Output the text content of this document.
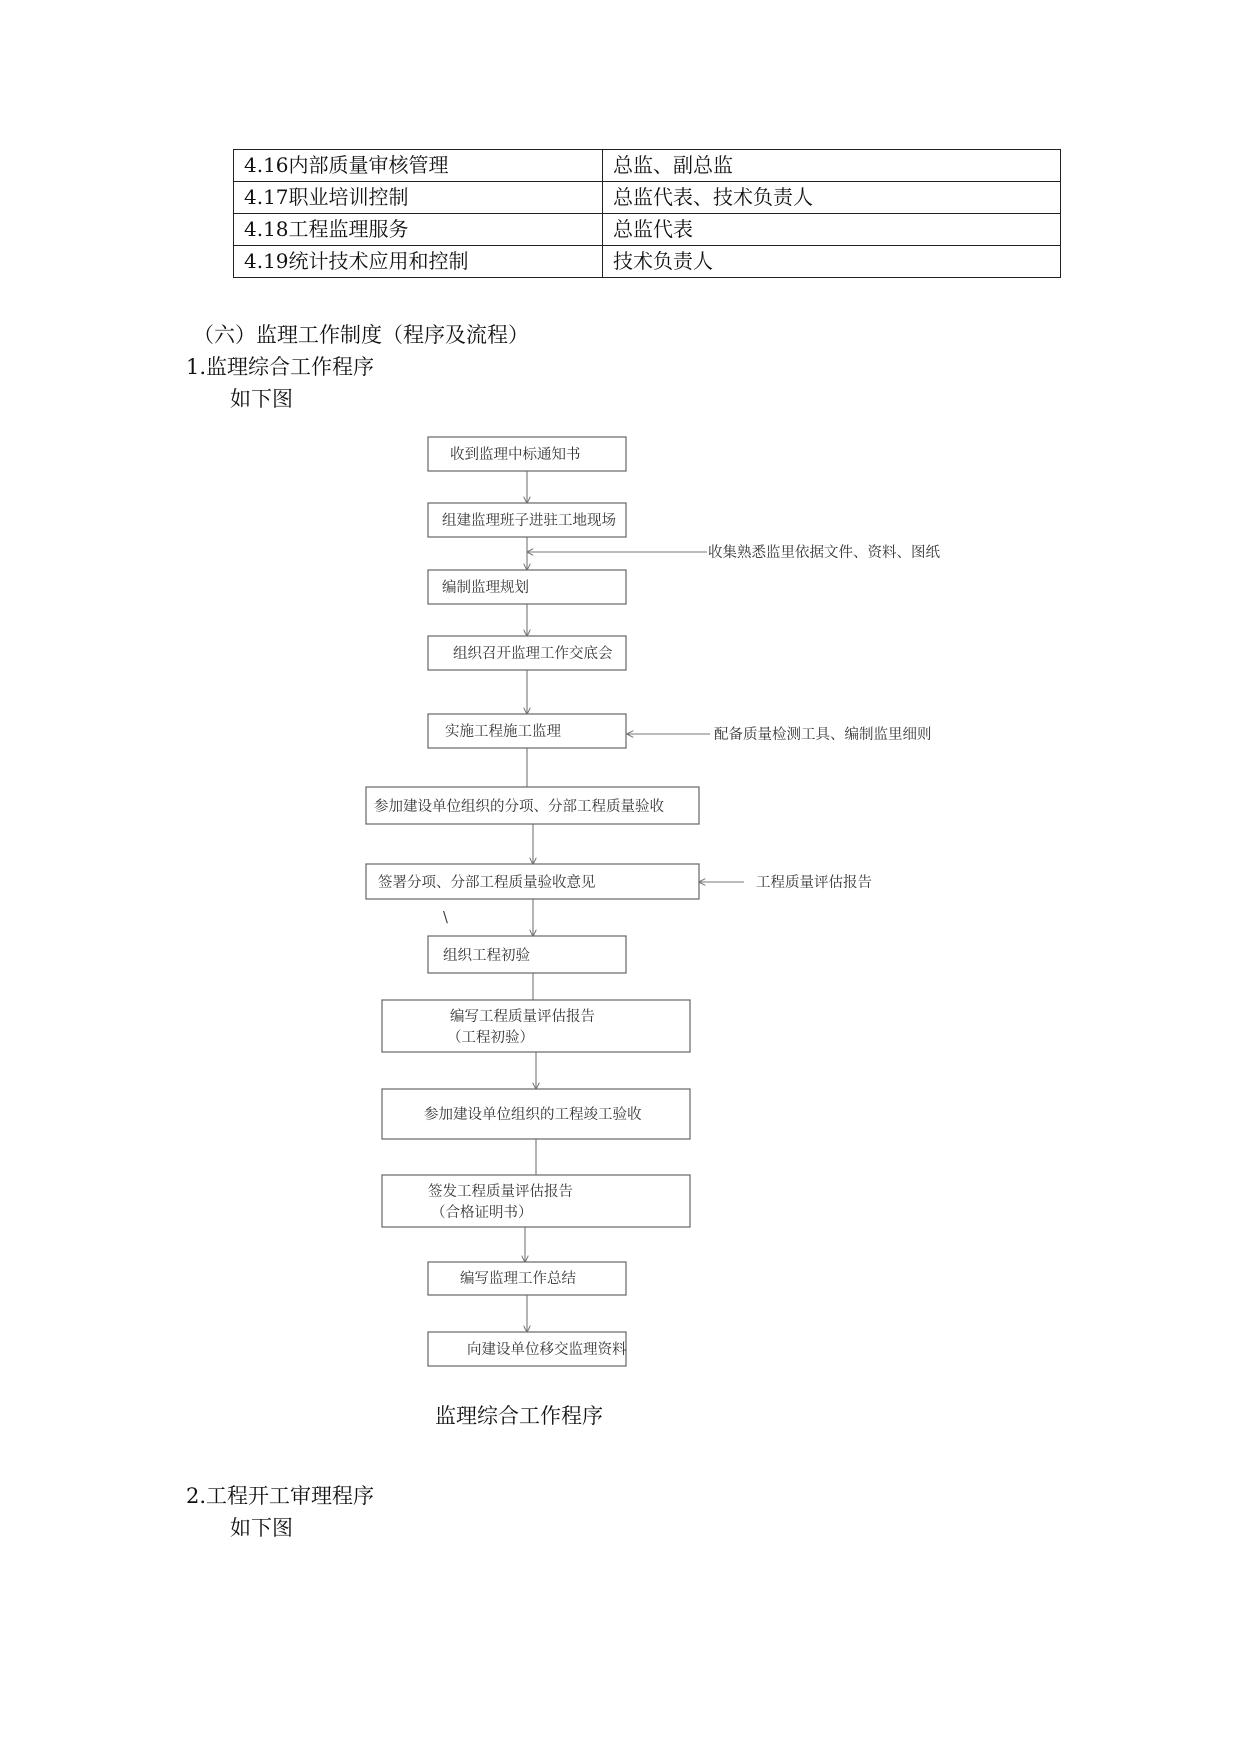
4.16内部质量审核管理	总监、副总监
4.17职业培训控制	总监代表、技术负责人
4.18工程监理服务	总监代表
4.19统计技术应用和控制	技术负责人
（六）监理工作制度（程序及流程）
1.监理综合工作程序
如下图
收到监理中标通知书
组建监理班子进驻工地现场
编制监理规划
组织召开监理工作交底会
实施工程施工监理
参加建设单位组织的分项、分部工程质量验收
签署分项、分部工程质量验收意见
组织工程初验
编写工程质量评估报告
（工程初验）
参加建设单位组织的工程竣工验收
签发工程质量评估报告
（合格证明书）
编写监理工作总结
向建设单位移交监理资料
收集熟悉监里依据文件、资料、图纸
配备质量检测工具、编制监里细则
工程质量评估报告
\
监理综合工作程序
2.工程开工审理程序
如下图
